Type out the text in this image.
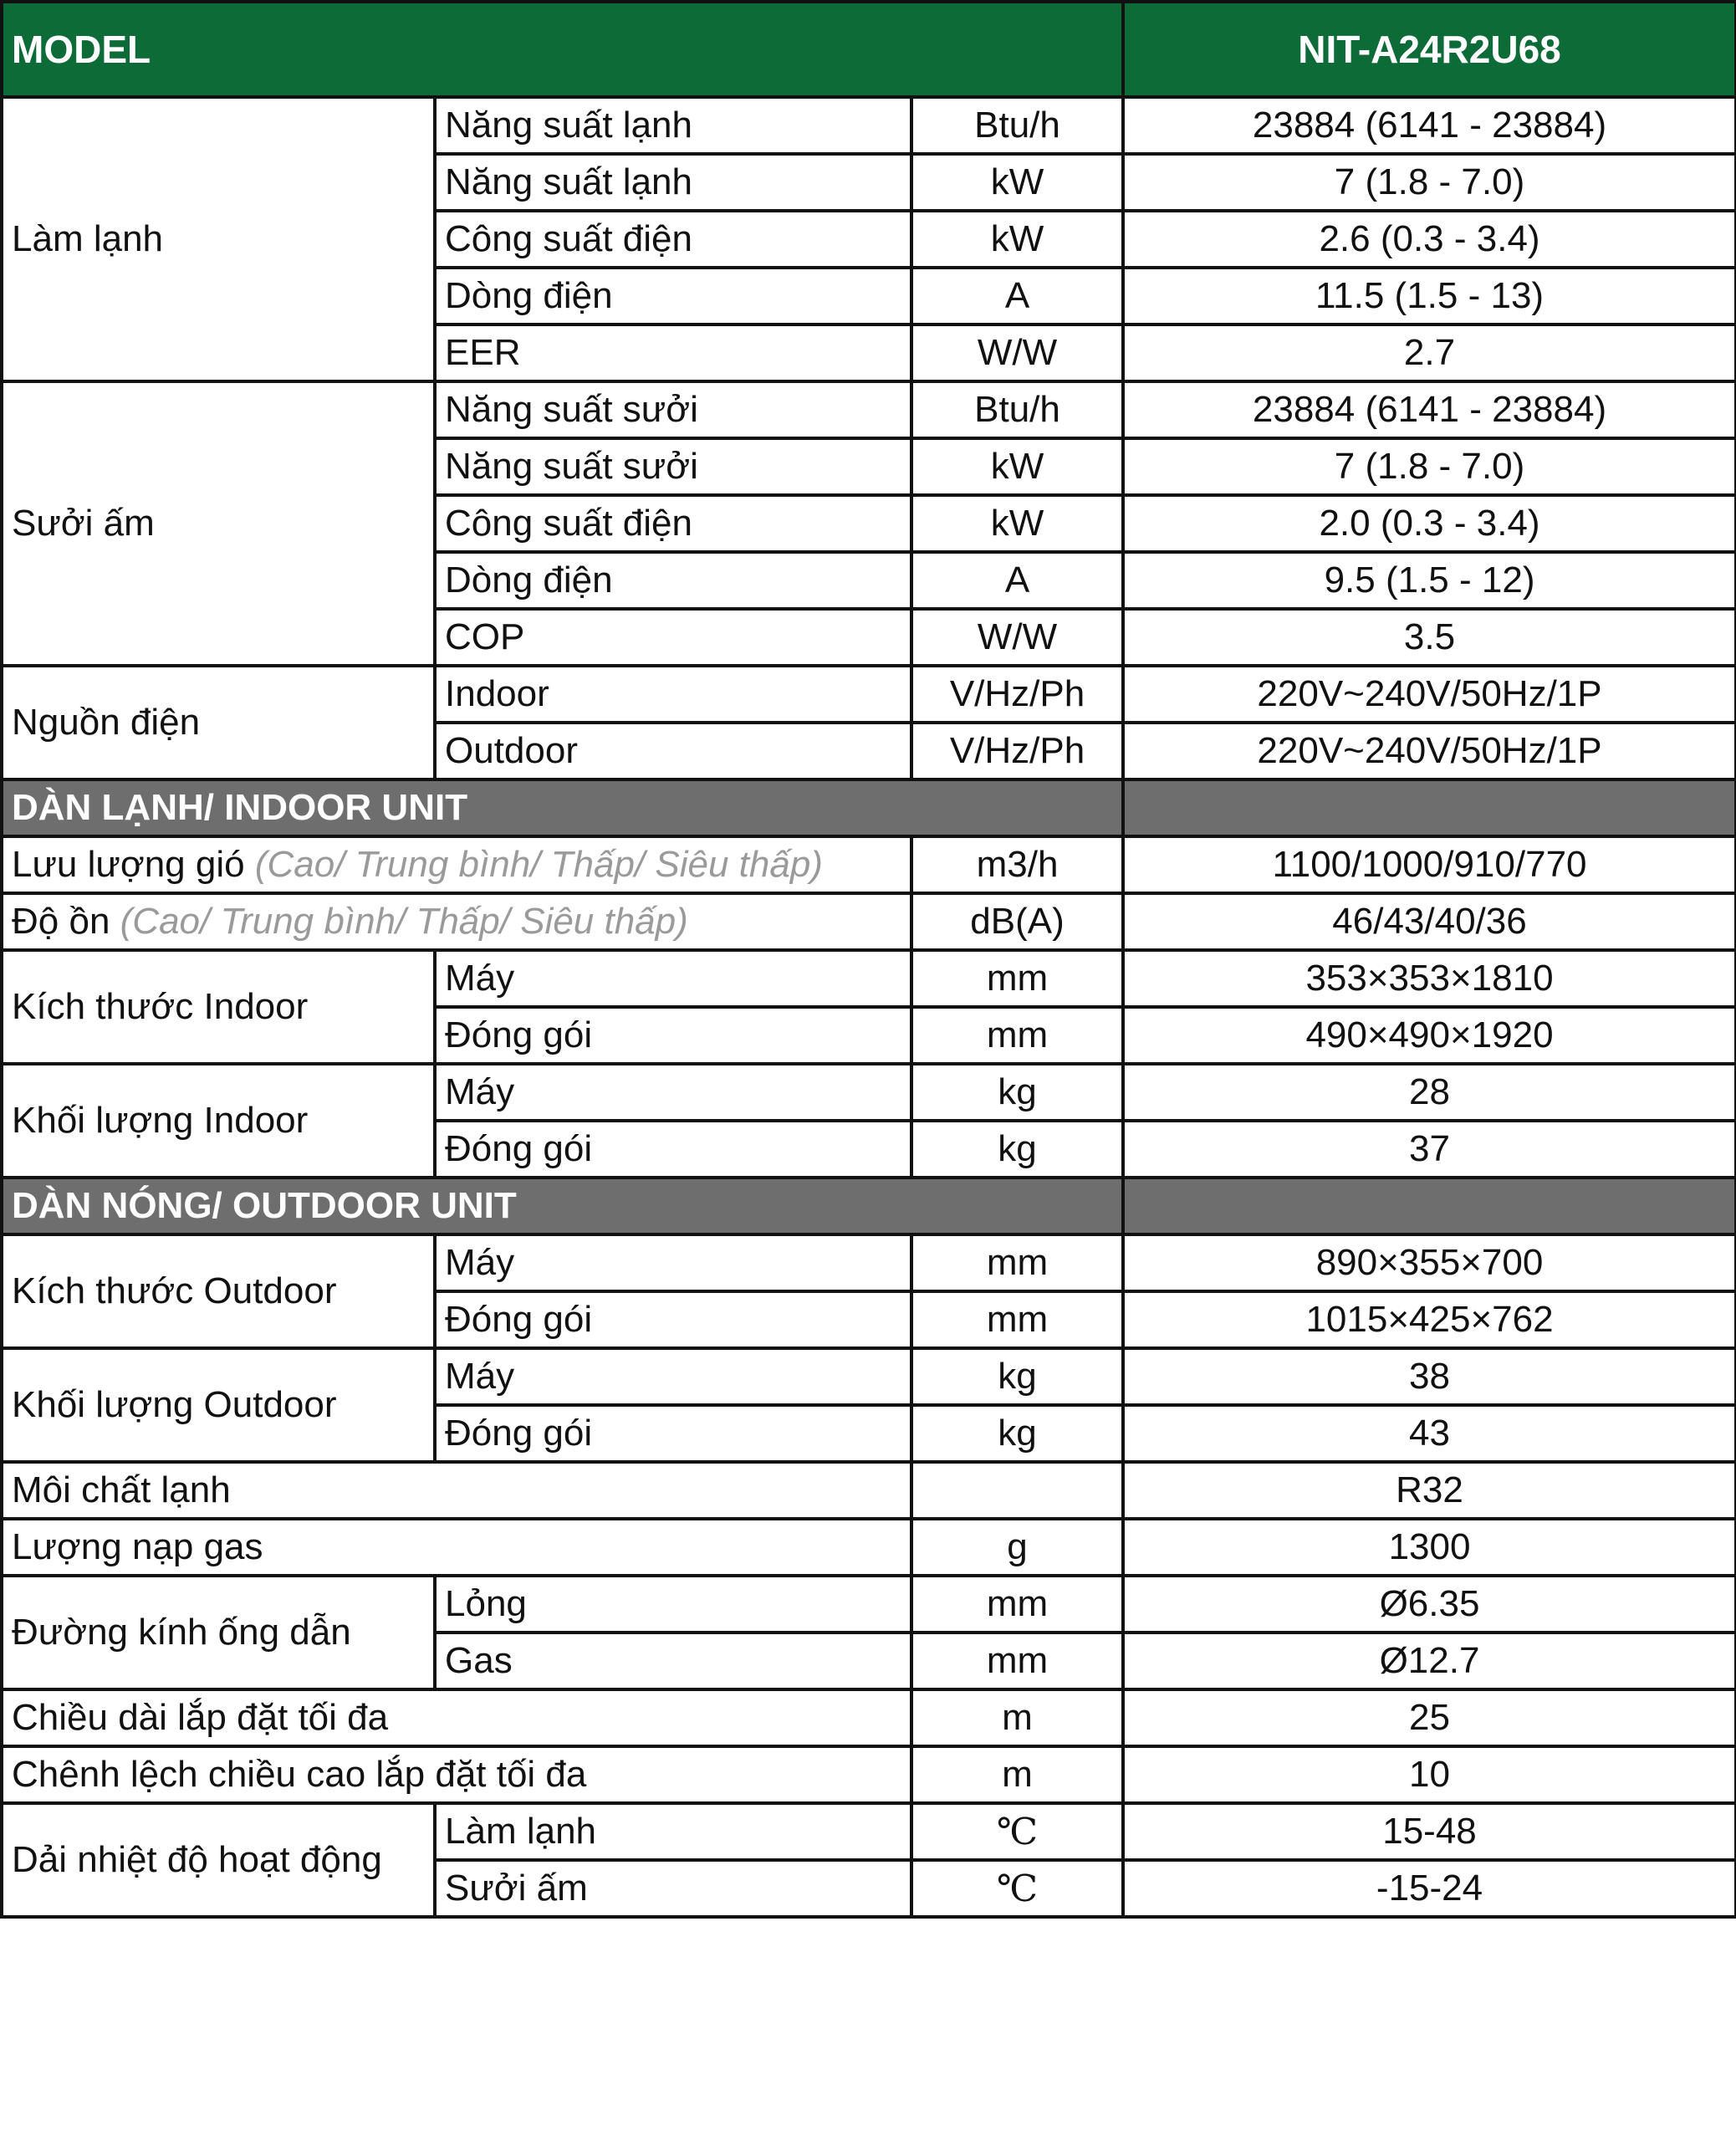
MODEL			NIT-A24R2U68
Làm lạnh	Năng suất lạnh	Btu/h	23884 (6141 - 23884)
	Năng suất lạnh	kW	7 (1.8 - 7.0)
	Công suất điện	kW	2.6 (0.3 - 3.4)
	Dòng điện	A	11.5 (1.5 - 13)
	EER	W/W	2.7
Sưởi ấm	Năng suất sưởi	Btu/h	23884 (6141 - 23884)
	Năng suất sưởi	kW	7 (1.8 - 7.0)
	Công suất điện	kW	2.0 (0.3 - 3.4)
	Dòng điện	A	9.5 (1.5 - 12)
	COP	W/W	3.5
Nguồn điện	Indoor	V/Hz/Ph	220V~240V/50Hz/1P
	Outdoor	V/Hz/Ph	220V~240V/50Hz/1P
DÀN LẠNH/ INDOOR UNIT			
Lưu lượng gió (Cao/ Trung bình/ Thấp/ Siêu thấp)		m3/h	1100/1000/910/770
Độ ồn (Cao/ Trung bình/ Thấp/ Siêu thấp)		dB(A)	46/43/40/36
Kích thước Indoor	Máy	mm	353×353×1810
	Đóng gói	mm	490×490×1920
Khối lượng Indoor	Máy	kg	28
	Đóng gói	kg	37
DÀN NÓNG/ OUTDOOR UNIT			
Kích thước Outdoor	Máy	mm	890×355×700
	Đóng gói	mm	1015×425×762
Khối lượng Outdoor	Máy	kg	38
	Đóng gói	kg	43
Môi chất lạnh			R32
Lượng nạp gas		g	1300
Đường kính ống dẫn	Lỏng	mm	Ø6.35
	Gas	mm	Ø12.7
Chiều dài lắp đặt tối đa		m	25
Chênh lệch chiều cao lắp đặt tối đa		m	10
Dải nhiệt độ hoạt động	Làm lạnh	℃	15-48
	Sưởi ấm	℃	-15-24
